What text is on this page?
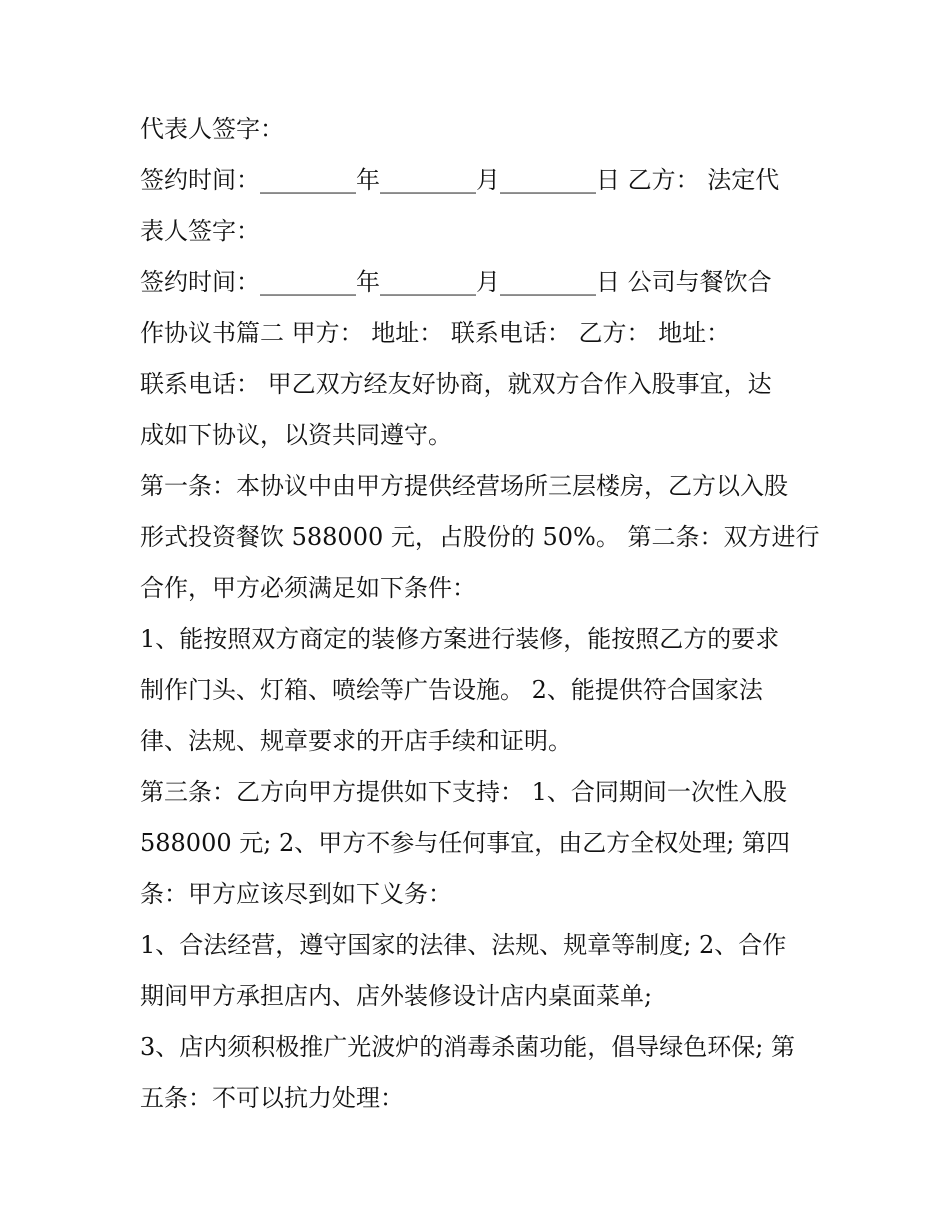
代表人签字：
签约时间：________年________月________日 乙方： 法定代
表人签字：
签约时间：________年________月________日 公司与餐饮合
作协议书篇二 甲方： 地址： 联系电话： 乙方： 地址：
联系电话： 甲乙双方经友好协商，就双方合作入股事宜，达
成如下协议，以资共同遵守。
第一条：本协议中由甲方提供经营场所三层楼房，乙方以入股
形式投资餐饮 588000 元，占股份的 50%。 第二条：双方进行
合作，甲方必须满足如下条件：
1、能按照双方商定的装修方案进行装修，能按照乙方的要求
制作门头、灯箱、喷绘等广告设施。 2、能提供符合国家法
律、法规、规章要求的开店手续和证明。
第三条：乙方向甲方提供如下支持： 1、合同期间一次性入股
588000 元; 2、甲方不参与任何事宜，由乙方全权处理; 第四
条：甲方应该尽到如下义务：
1、合法经营，遵守国家的法律、法规、规章等制度; 2、合作
期间甲方承担店内、店外装修设计店内桌面菜单;
3、店内须积极推广光波炉的消毒杀菌功能，倡导绿色环保; 第
五条：不可以抗力处理：
